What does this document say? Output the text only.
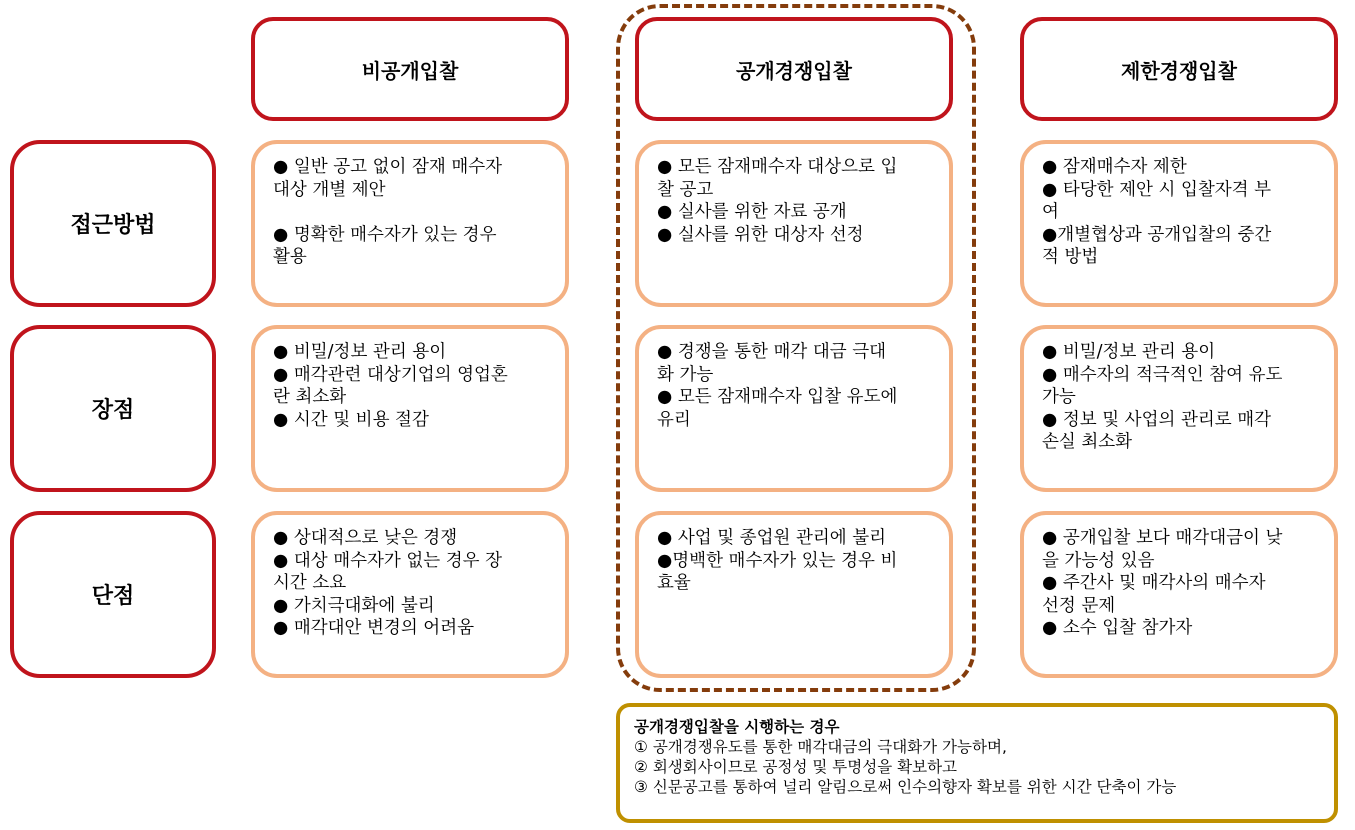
비공개입찰	공개경쟁입찰	제한경쟁입찰
접근방법
장점
단점
● 일반 공고 없이 잠재 매수자
대상 개별 제안

● 명확한 매수자가 있는 경우
활용
● 모든 잠재매수자 대상으로 입
찰 공고
● 실사를 위한 자료 공개
● 실사를 위한 대상자 선정
● 잠재매수자 제한
● 타당한 제안 시 입찰자격 부
여
●개별협상과 공개입찰의 중간
적 방법
● 비밀/정보 관리 용이
● 매각관련 대상기업의 영업혼
란 최소화
● 시간 및 비용 절감
● 경쟁을 통한 매각 대금 극대
화 가능
● 모든 잠재매수자 입찰 유도에
유리
● 비밀/정보 관리 용이
● 매수자의 적극적인 참여 유도
가능
● 정보 및 사업의 관리로 매각
손실 최소화
● 상대적으로 낮은 경쟁
● 대상 매수자가 없는 경우 장
시간 소요
● 가치극대화에 불리
● 매각대안 변경의 어려움
● 사업 및 종업원 관리에 불리
●명백한 매수자가 있는 경우 비
효율
● 공개입찰 보다 매각대금이 낮
을 가능성 있음
● 주간사 및 매각사의 매수자
선정 문제
● 소수 입찰 참가자
공개경쟁입찰을 시행하는 경우
① 공개경쟁유도를 통한 매각대금의 극대화가 가능하며,
② 회생회사이므로 공정성 및 투명성을 확보하고
③ 신문공고를 통하여 널리 알림으로써 인수의향자 확보를 위한 시간 단축이 가능
